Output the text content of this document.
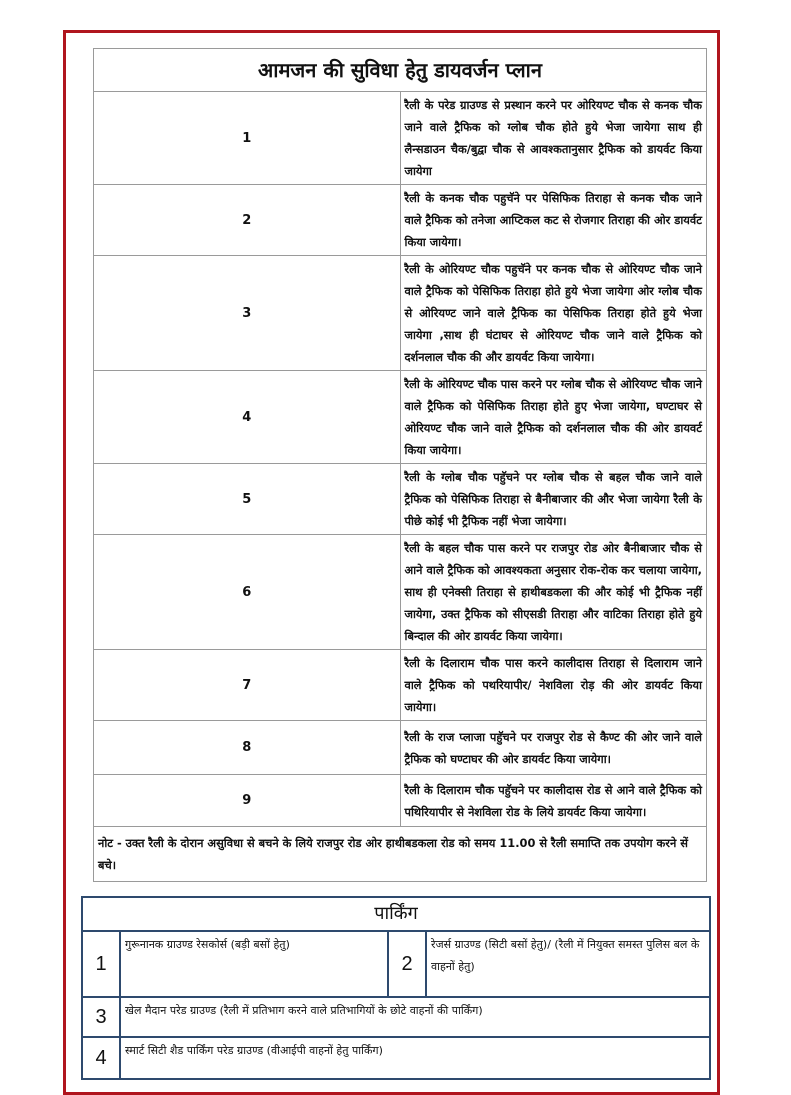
आमजन की सुविधा हेतु डायवर्जन प्लान	
1	रैली के परेड ग्राउण्ड से प्रस्थान करने पर ओरियण्ट चौक से कनक चौक जाने वाले ट्रैफिक को ग्लोब चौक होते हुये भेजा जायेगा साथ ही लैन्सडाउन चैक/बुद्वा चौक से आवश्कतानुसार ट्रैफिक को डायर्वट किया जायेगा
2	रैली के कनक चौक पहुचॅने पर पेसिफिक तिराहा से कनक चौक जाने वाले ट्रैफिक को तनेजा आप्टिकल कट से रोजगार तिराहा की ओर डायर्वट किया जायेगा।
3	रैली के ओरियण्ट चौक पहुचॅने पर कनक चौक से ओरियण्ट चौक जाने वाले ट्रैफिक को पेसिफिक तिराहा होते हुये भेजा जायेगा ओर ग्लोब चौक से ओरियण्ट जाने वाले ट्रैफिक का पेसिफिक तिराहा होते हुये भेजा जायेगा ,साथ ही घंटाघर से ओरियण्ट चौक जाने वाले ट्रैफिक को दर्शनलाल चौक की और डायर्वट किया जायेगा।
4	रैली के ओरियण्ट चौक पास करने पर ग्लोब चौक से ओरियण्ट चौक जाने वाले ट्रैफिक को पेसिफिक तिराहा होते हुए भेजा जायेगा, घण्टाघर से ओरियण्ट चौक जाने वाले ट्रैफिक को दर्शनलाल चौक की ओर डायवर्ट किया जायेगा।
5	रैली के ग्लोब चौक पहुॅचने पर ग्लोब चौक से बहल चौक जाने वाले ट्रैफिक को पेसिफिक तिराहा से बैनीबाजार की और भेजा जायेगा रैली के पीछे कोई भी ट्रैफिक नहीं भेजा जायेगा।
6	रैली के बहल चौक पास करने पर राजपुर रोड ओर बैनीबाजार चौक से आने वाले ट्रैफिक को आवश्यकता अनुसार रोक-रोक कर चलाया जायेगा, साथ ही एनेक्सी तिराहा से हाथीबडकला की और कोई भी ट्रैफिक नहीं जायेगा, उक्त ट्रैफिक को सीएसडी तिराहा और वाटिका तिराहा होते हुये बिन्दाल की ओर डायर्वट किया जायेगा।
7	रैली के दिलाराम चौक पास करने कालीदास तिराहा से दिलाराम जाने वाले ट्रैफिक को पथरियापीर/ नेशविला रोड़ की ओर डायर्वट किया जायेगा।
8	रैली के राज प्लाजा पहुॅचने पर राजपुर रोड से कैण्ट की ओर जाने वाले ट्रैफिक को घण्टाघर की ओर डायर्वट किया जायेगा।
9	रैली के दिलाराम चौक पहुॅचने पर कालीदास रोड से आने वाले ट्रैफिक को पथिरियापीर से नेशविला रोड के लिये डायर्वट किया जायेगा।
नोट - उक्त रैली के दोरान असुविधा से बचने के लिये राजपुर रोड ओर हाथीबडकला रोड को समय 11.00 से रैली समाप्ति तक उपयोग करने सें बचे।	
पार्किंग			
1	गुरूनानक ग्राउण्ड रेसकोर्स (बड़ी बसों हेतु)	2	रेजर्स ग्राउण्ड (सिटी बसों हेतु)/ (रैली में नियुक्त समस्त पुलिस बल के वाहनों हेतु)
3	खेल मैदान परेड ग्राउण्ड (रैली में प्रतिभाग करने वाले प्रतिभागियों के छोटे वाहनों की पार्किंग)		
4	स्मार्ट सिटी शैड पार्किंग परेड ग्राउण्ड (वीआईपी वाहनों हेतु पार्किंग)		
